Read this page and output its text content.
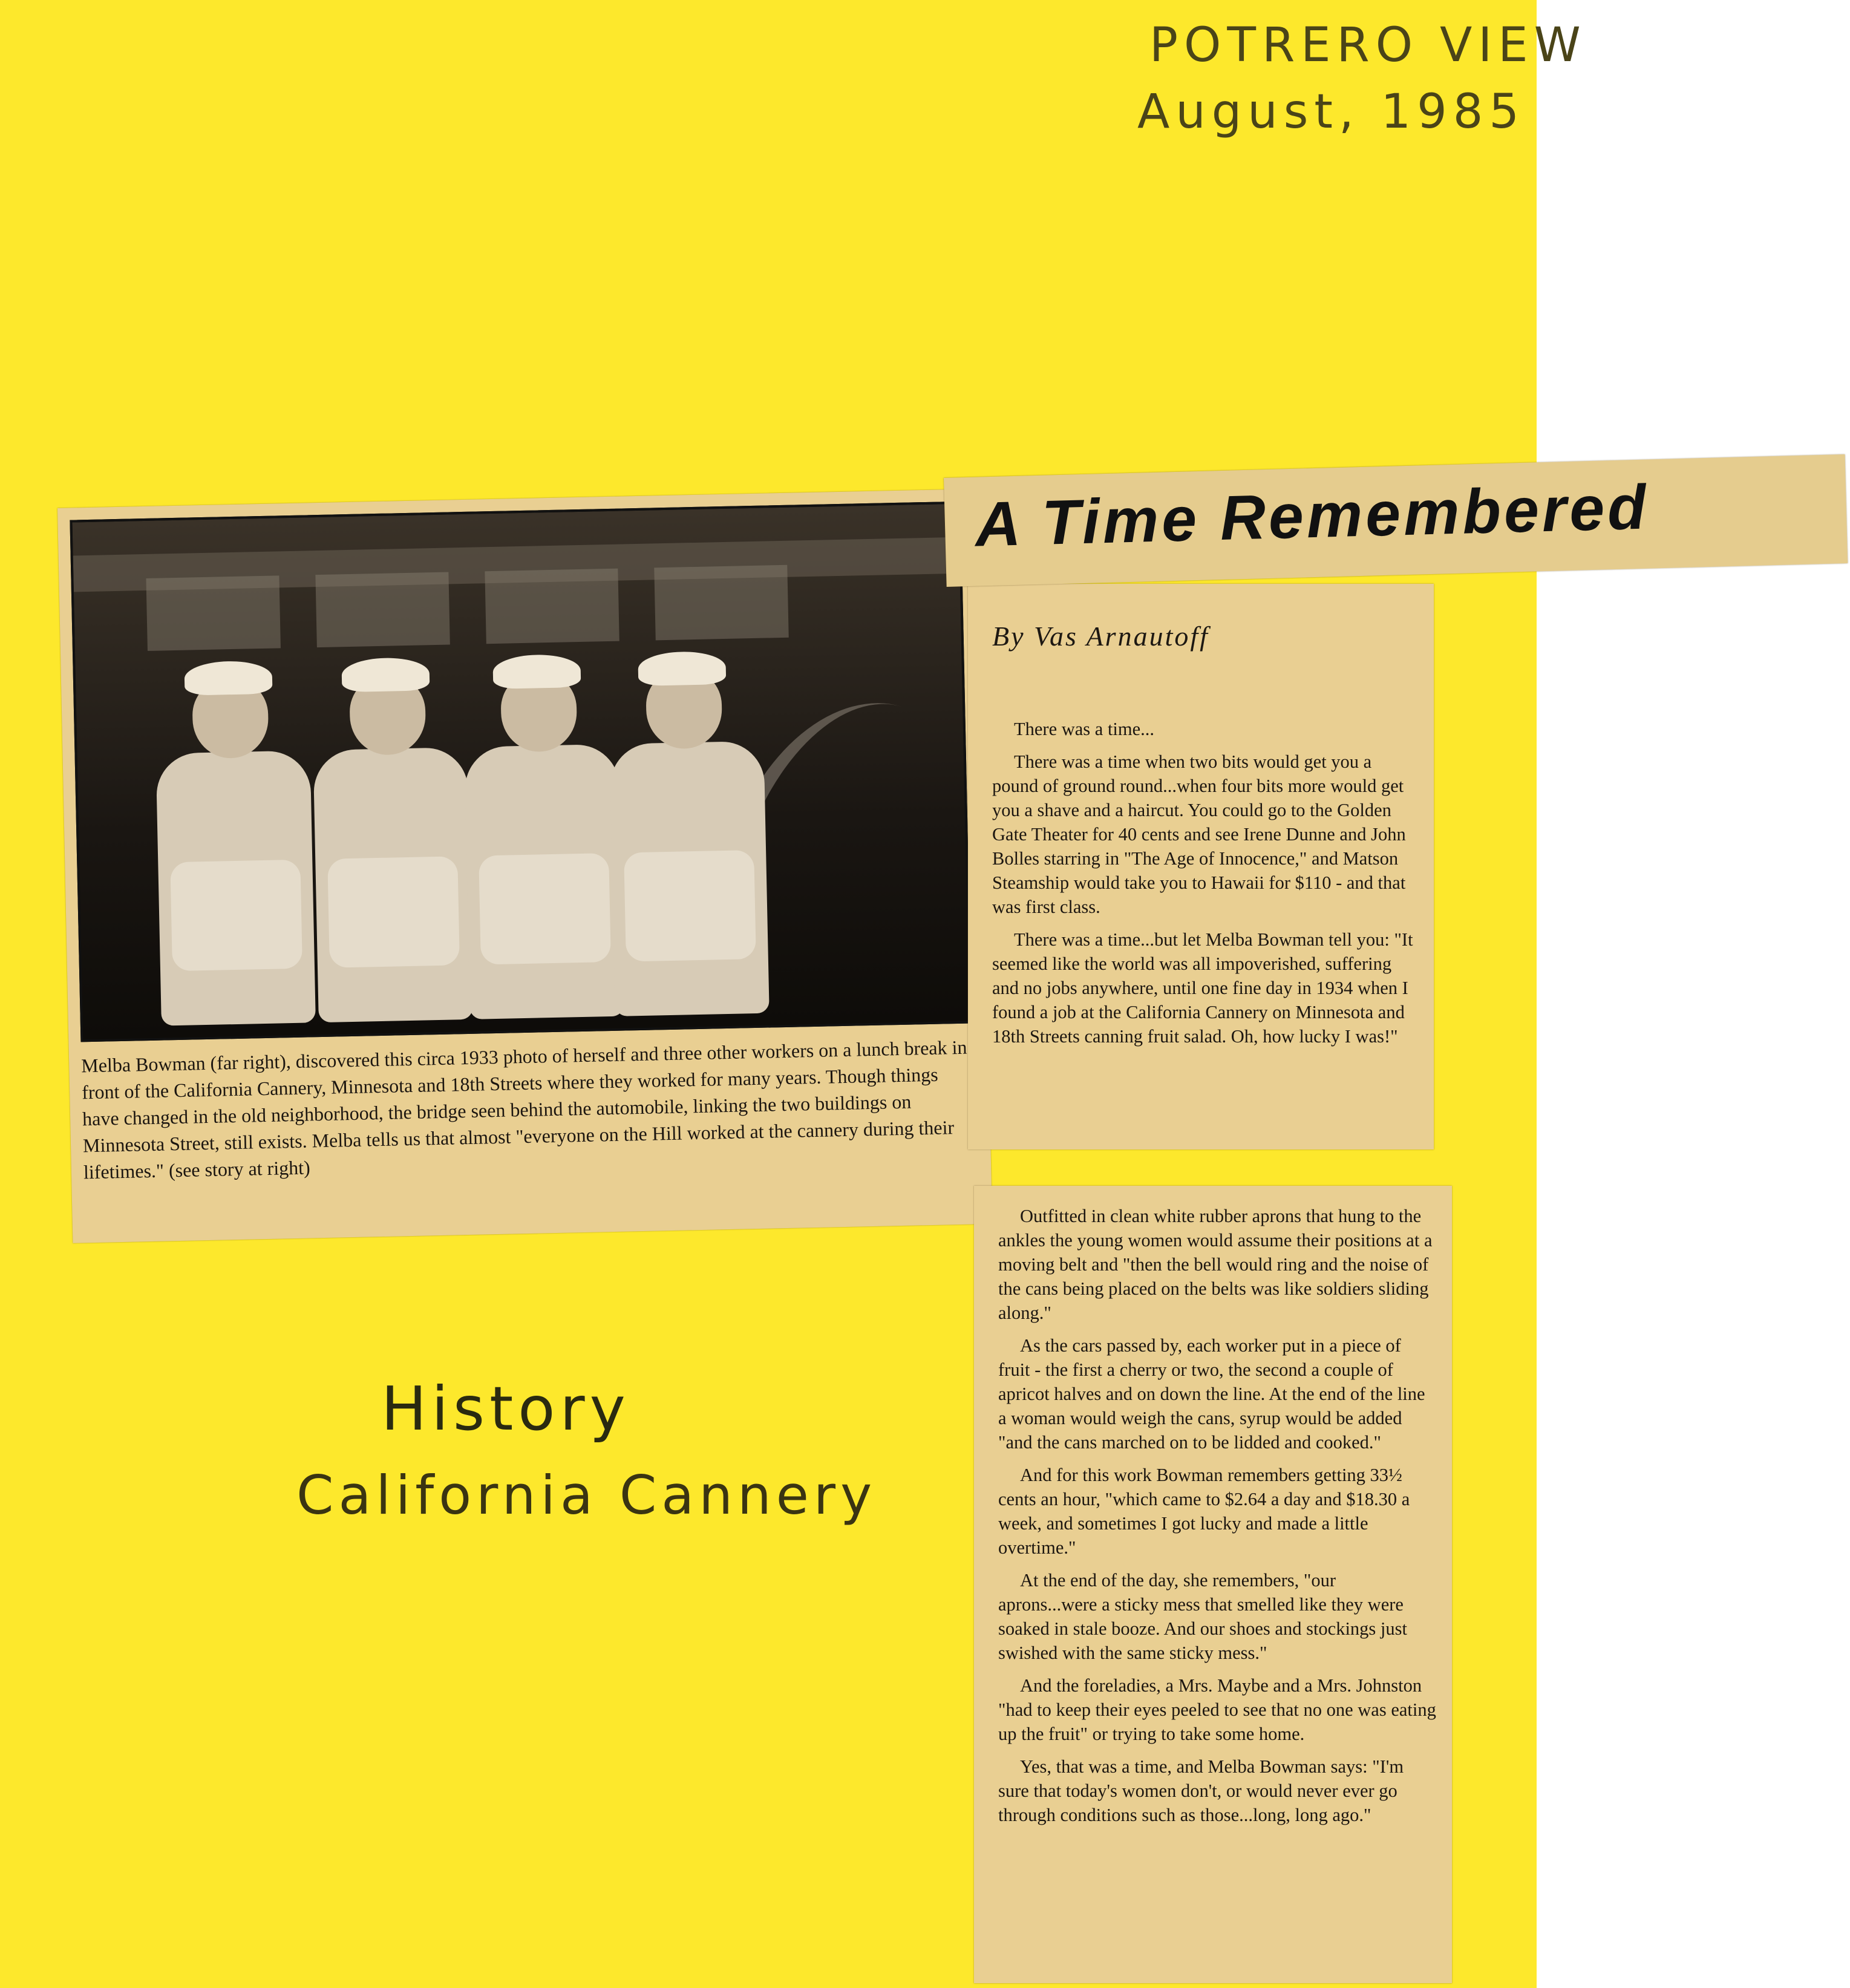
POTRERO VIEW
August, 1985
History
California Cannery

Melba Bowman (far right), discovered this circa 1933 photo of herself and three other workers on a lunch break in front of the California Cannery, Minnesota and 18th Streets where they worked for many years. Though things have changed in the old neighborhood, the bridge seen behind the automobile, linking the two buildings on Minnesota Street, still exists. Melba tells us that almost "everyone on the Hill worked at the cannery during their lifetimes." (see story at right)

By Vas Arnautoff

There was a time...

There was a time when two bits would get you a pound of ground round...when four bits more would get you a shave and a haircut. You could go to the Golden Gate Theater for 40 cents and see Irene Dunne and John Bolles starring in "The Age of Innocence," and Matson Steamship would take you to Hawaii for $110 - and that was first class.

There was a time...but let Melba Bowman tell you: "It seemed like the world was all impoverished, suffering and no jobs anywhere, until one fine day in 1934 when I found a job at the California Cannery on Minnesota and 18th Streets canning fruit salad. Oh, how lucky I was!"

Outfitted in clean white rubber aprons that hung to the ankles the young women would assume their positions at a moving belt and "then the bell would ring and the noise of the cans being placed on the belts was like soldiers sliding along."

As the cars passed by, each worker put in a piece of fruit - the first a cherry or two, the second a couple of apricot halves and on down the line. At the end of the line a woman would weigh the cans, syrup would be added "and the cans marched on to be lidded and cooked."

And for this work Bowman remembers getting 33½ cents an hour, "which came to $2.64 a day and $18.30 a week, and sometimes I got lucky and made a little overtime."

At the end of the day, she remembers, "our aprons...were a sticky mess that smelled like they were soaked in stale booze. And our shoes and stockings just swished with the same sticky mess."

And the foreladies, a Mrs. Maybe and a Mrs. Johnston "had to keep their eyes peeled to see that no one was eating up the fruit" or trying to take some home.

Yes, that was a time, and Melba Bowman says: "I'm sure that today's women don't, or would never ever go through conditions such as those...long, long ago."

A Time Remembered
